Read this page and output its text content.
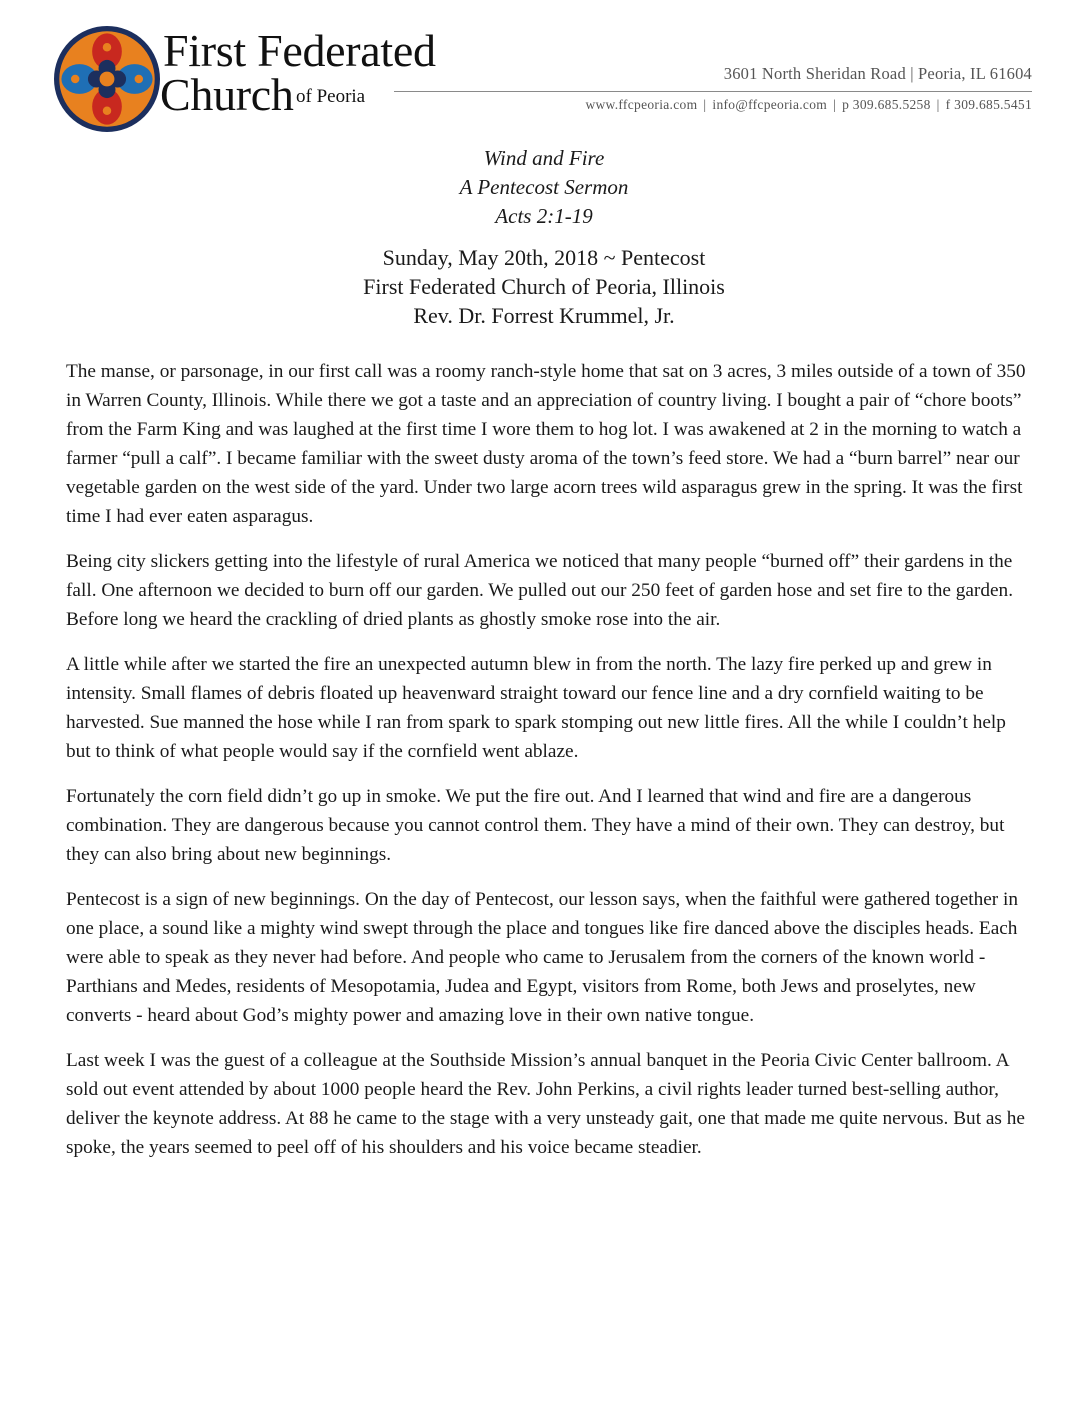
First Federated
Church of Peoria
3601 North Sheridan Road | Peoria, IL 61604
www.ffcpeoria.com | info@ffcpeoria.com | p 309.685.5258 | f 309.685.5451
Wind and Fire
A Pentecost Sermon
Acts 2:1-19
Sunday, May 20th, 2018 ~ Pentecost
First Federated Church of Peoria, Illinois
Rev. Dr. Forrest Krummel, Jr.

The manse, or parsonage, in our first call was a roomy ranch-style home that sat on 3 acres, 3 miles outside of a town of 350 in Warren County, Illinois. While there we got a taste and an appreciation of country living. I bought a pair of “chore boots” from the Farm King and was laughed at the first time I wore them to hog lot. I was awakened at 2 in the morning to watch a farmer “pull a calf”. I became familiar with the sweet dusty aroma of the town’s feed store. We had a “burn barrel” near our vegetable garden on the west side of the yard. Under two large acorn trees wild asparagus grew in the spring. It was the first time I had ever eaten asparagus.

Being city slickers getting into the lifestyle of rural America we noticed that many people “burned off” their gardens in the fall. One afternoon we decided to burn off our garden. We pulled out our 250 feet of garden hose and set fire to the garden. Before long we heard the crackling of dried plants as ghostly smoke rose into the air.

A little while after we started the fire an unexpected autumn blew in from the north. The lazy fire perked up and grew in intensity. Small flames of debris floated up heavenward straight toward our fence line and a dry cornfield waiting to be harvested. Sue manned the hose while I ran from spark to spark stomping out new little fires. All the while I couldn’t help but to think of what people would say if the cornfield went ablaze.

Fortunately the corn field didn’t go up in smoke. We put the fire out. And I learned that wind and fire are a dangerous combination. They are dangerous because you cannot control them. They have a mind of their own. They can destroy, but they can also bring about new beginnings.

Pentecost is a sign of new beginnings. On the day of Pentecost, our lesson says, when the faithful were gathered together in one place, a sound like a mighty wind swept through the place and tongues like fire danced above the disciples heads. Each were able to speak as they never had before. And people who came to Jerusalem from the corners of the known world - Parthians and Medes, residents of Mesopotamia, Judea and Egypt, visitors from Rome, both Jews and proselytes, new converts - heard about God’s mighty power and amazing love in their own native tongue.

Last week I was the guest of a colleague at the Southside Mission’s annual banquet in the Peoria Civic Center ballroom. A sold out event attended by about 1000 people heard the Rev. John Perkins, a civil rights leader turned best-selling author, deliver the keynote address. At 88 he came to the stage with a very unsteady gait, one that made me quite nervous. But as he spoke, the years seemed to peel off of his shoulders and his voice became steadier.
